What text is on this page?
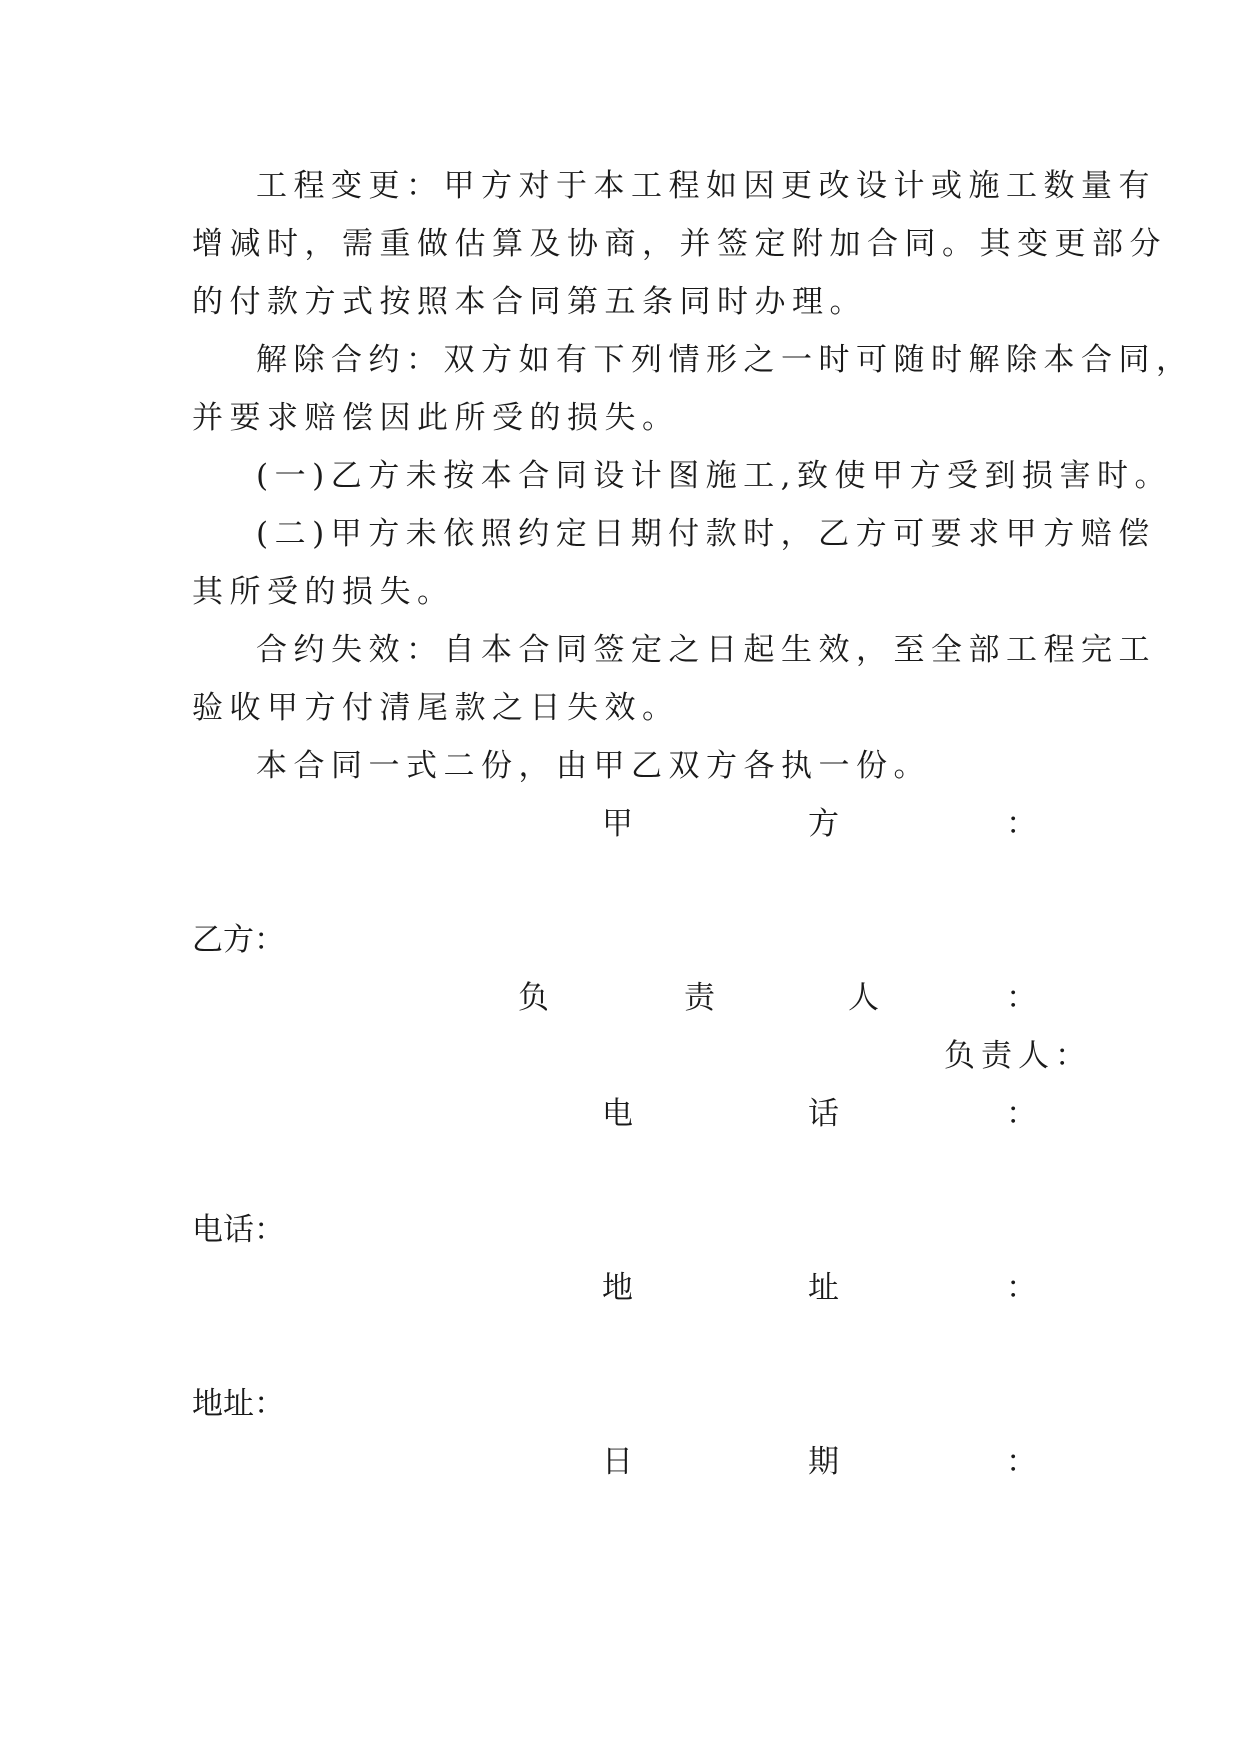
工程变更：甲方对于本工程如因更改设计或施工数量有
增减时，需重做估算及协商，并签定附加合同。其变更部分
的付款方式按照本合同第五条同时办理。
解除合约：双方如有下列情形之一时可随时解除本合同，
并要求赔偿因此所受的损失。
(一)乙方未按本合同设计图施工,致使甲方受到损害时。
(二)甲方未依照约定日期付款时，乙方可要求甲方赔偿
其所受的损失。
合约失效：自本合同签定之日起生效，至全部工程完工
验收甲方付清尾款之日失效。
本合同一式二份，由甲乙双方各执一份。
甲	方	：
乙方：
负	责	人	：
负责人：
电	话	：
电话：
地	址	：
地址：
日	期	：
